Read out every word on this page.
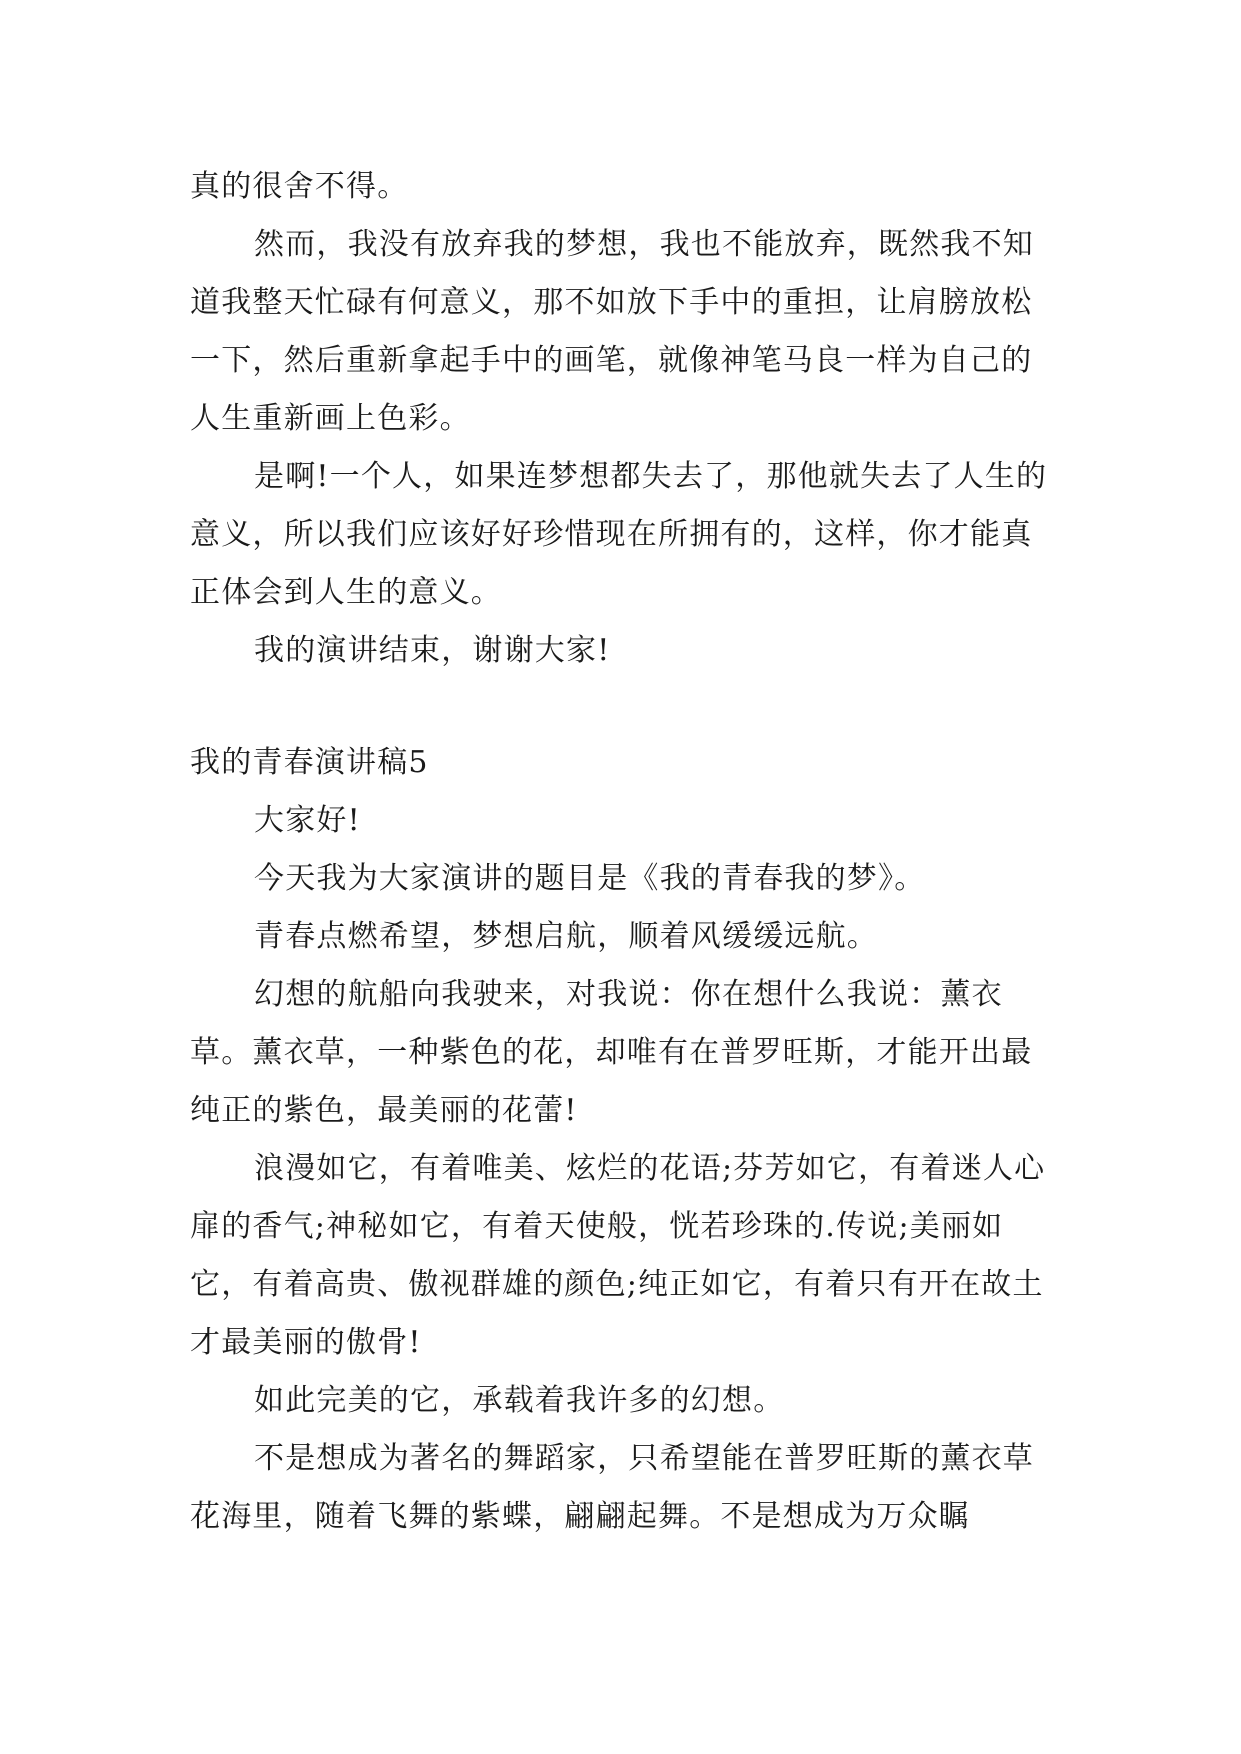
真的很舍不得。

然而，我没有放弃我的梦想，我也不能放弃，既然我不知道我整天忙碌有何意义，那不如放下手中的重担，让肩膀放松一下，然后重新拿起手中的画笔，就像神笔马良一样为自己的人生重新画上色彩。

是啊!一个人，如果连梦想都失去了，那他就失去了人生的意义，所以我们应该好好珍惜现在所拥有的，这样，你才能真正体会到人生的意义。

我的演讲结束，谢谢大家!

我的青春演讲稿5

大家好!

今天我为大家演讲的题目是《我的青春我的梦》。

青春点燃希望，梦想启航，顺着风缓缓远航。

幻想的航船向我驶来，对我说：你在想什么我说：薰衣草。薰衣草，一种紫色的花，却唯有在普罗旺斯，才能开出最纯正的紫色，最美丽的花蕾!

浪漫如它，有着唯美、炫烂的花语;芬芳如它，有着迷人心扉的香气;神秘如它，有着天使般，恍若珍珠的.传说;美丽如它，有着高贵、傲视群雄的颜色;纯正如它，有着只有开在故土才最美丽的傲骨!

如此完美的它，承载着我许多的幻想。

不是想成为著名的舞蹈家，只希望能在普罗旺斯的薰衣草花海里，随着飞舞的紫蝶，翩翩起舞。不是想成为万众瞩
